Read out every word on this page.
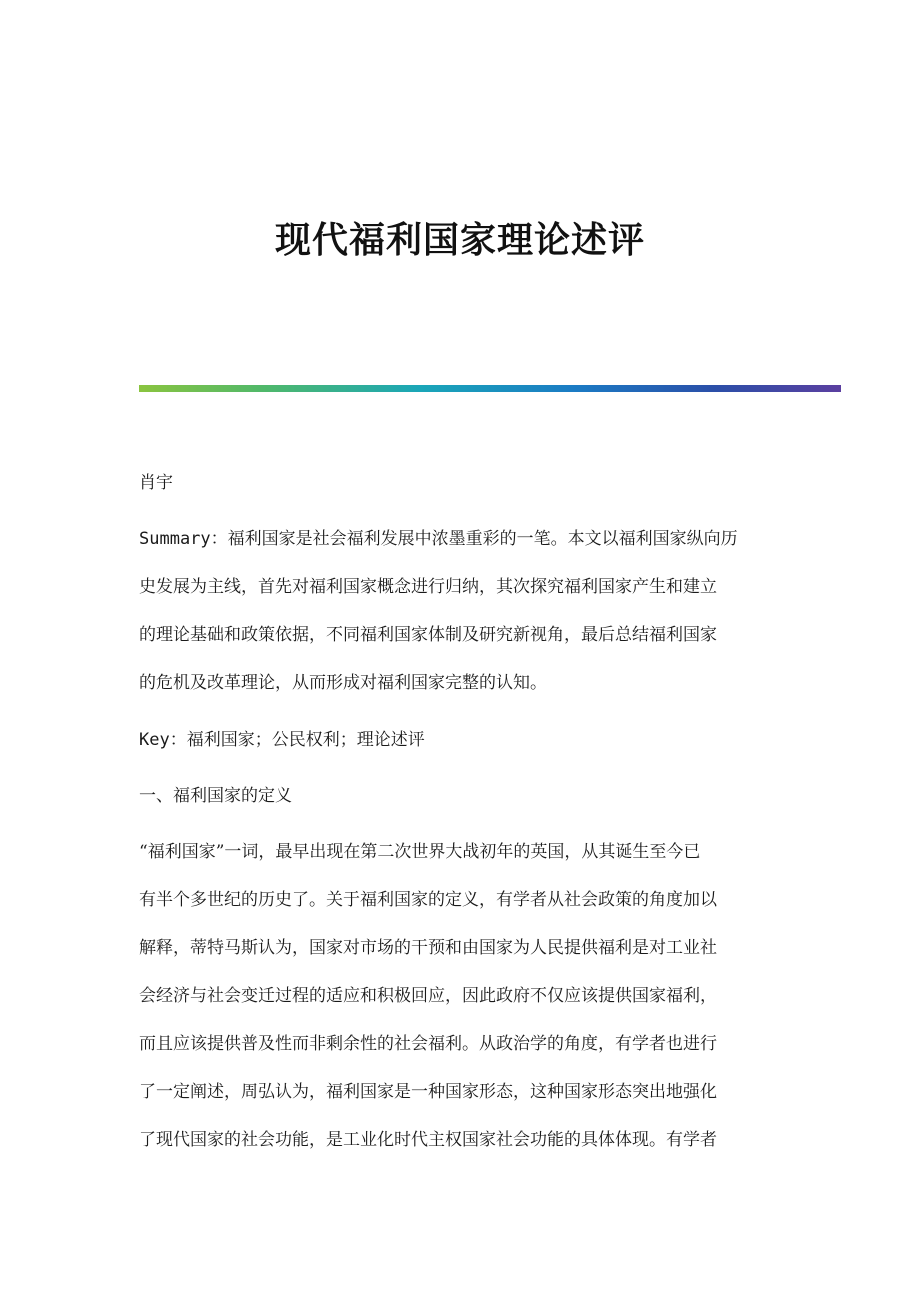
现代福利国家理论述评
肖宇
Summary：福利国家是社会福利发展中浓墨重彩的一笔。本文以福利国家纵向历
史发展为主线，首先对福利国家概念进行归纳，其次探究福利国家产生和建立
的理论基础和政策依据，不同福利国家体制及研究新视角，最后总结福利国家
的危机及改革理论，从而形成对福利国家完整的认知。
Key：福利国家；公民权利；理论述评
一、福利国家的定义
“福利国家”一词，最早出现在第二次世界大战初年的英国，从其诞生至今已
有半个多世纪的历史了。关于福利国家的定义，有学者从社会政策的角度加以
解释，蒂特马斯认为，国家对市场的干预和由国家为人民提供福利是对工业社
会经济与社会变迁过程的适应和积极回应，因此政府不仅应该提供国家福利，
而且应该提供普及性而非剩余性的社会福利。从政治学的角度，有学者也进行
了一定阐述，周弘认为，福利国家是一种国家形态，这种国家形态突出地强化
了现代国家的社会功能，是工业化时代主权国家社会功能的具体体现。有学者
